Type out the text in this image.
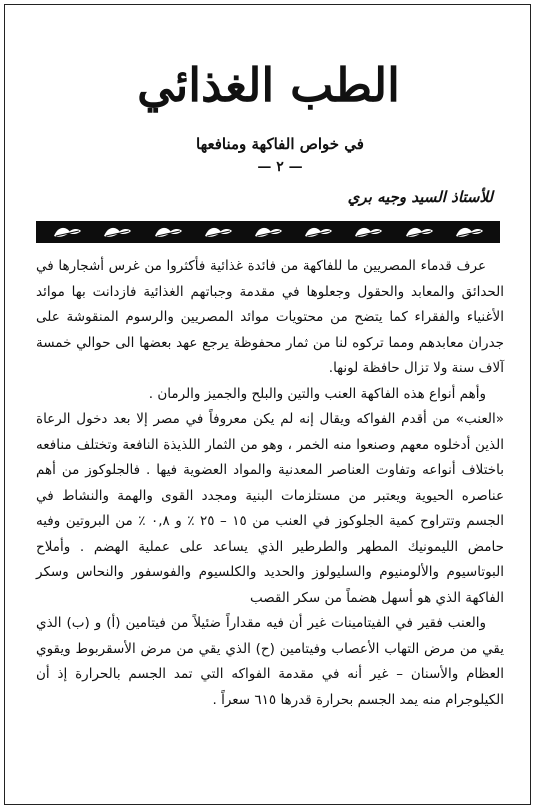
الطب الغذائي
في خواص الفاكهة ومنافعها
— ٢ —
للأستاذ السيد وجيه بري

عرف قدماء المصريين ما للفاكهة من فائدة غذائية فأكثروا من غرس أشجارها في الحدائق والمعابد والحقول وجعلوها في مقدمة وجباتهم الغذائية فازدانت بها موائد الأغنياء والفقراء كما يتضح من محتويات موائد المصريين والرسوم المنقوشة على جدران معابدهم ومما تركوه لنا من ثمار محفوظة يرجع عهد بعضها الى حوالي خمسة آلاف سنة ولا تزال حافظة لونها.

وأهم أنواع هذه الفاكهة العنب والتين والبلح والجميز والرمان .

«العنب» من أقدم الفواكه ويقال إنه لم يكن معروفاً في مصر إلا بعد دخول الرعاة الذين أدخلوه معهم وصنعوا منه الخمر ، وهو من الثمار اللذيذة النافعة وتختلف منافعه باختلاف أنواعه وتفاوت العناصر المعدنية والمواد العضوية فيها . فالجلوكوز من أهم عناصره الحيوية ويعتبر من مستلزمات البنية ومجدد القوى والهمة والنشاط في الجسم وتتراوح كمية الجلوكوز في العنب من ١٥ – ٢٥ ٪ و ٠,٨ ٪ من البروتين وفيه حامض الليمونيك المطهر والطرطير الذي يساعد على عملية الهضم . وأملاح البوتاسيوم والألومنيوم والسليولوز والحديد والكلسيوم والفوسفور والنحاس وسكر الفاكهة الذي هو أسهل هضماً من سكر القصب

والعنب فقير في الفيتامينات غير أن فيه مقداراً ضئيلاً من فيتامين (أ) و (ب) الذي يقي من مرض التهاب الأعصاب وفيتامين (ح) الذي يقي من مرض الأسقربوط ويقوي العظام والأسنان – غير أنه في مقدمة الفواكه التي تمد الجسم بالحرارة إذ أن الكيلوجرام منه يمد الجسم بحرارة قدرها ٦١٥ سعراً .
